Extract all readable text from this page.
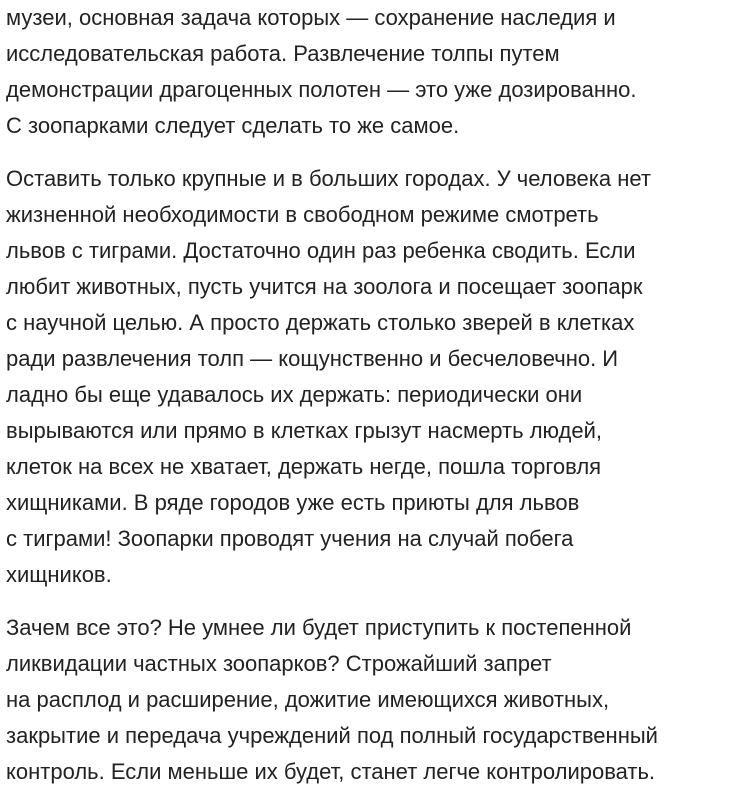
музеи, основная задача которых — сохранение наследия и
исследовательская работа. Развлечение толпы путем
демонстрации драгоценных полотен — это уже дозированно.
С зоопарками следует сделать то же самое.

Оставить только крупные и в больших городах. У человека нет
жизненной необходимости в свободном режиме смотреть
львов с тиграми. Достаточно один раз ребенка сводить. Если
любит животных, пусть учится на зоолога и посещает зоопарк
с научной целью. А просто держать столько зверей в клетках
ради развлечения толп — кощунственно и бесчеловечно. И
ладно бы еще удавалось их держать: периодически они
вырываются или прямо в клетках грызут насмерть людей,
клеток на всех не хватает, держать негде, пошла торговля
хищниками. В ряде городов уже есть приюты для львов
с тиграми! Зоопарки проводят учения на случай побега
хищников.

Зачем все это? Не умнее ли будет приступить к постепенной
ликвидации частных зоопарков? Строжайший запрет
на расплод и расширение, дожитие имеющихся животных,
закрытие и передача учреждений под полный государственный
контроль. Если меньше их будет, станет легче контролировать.
